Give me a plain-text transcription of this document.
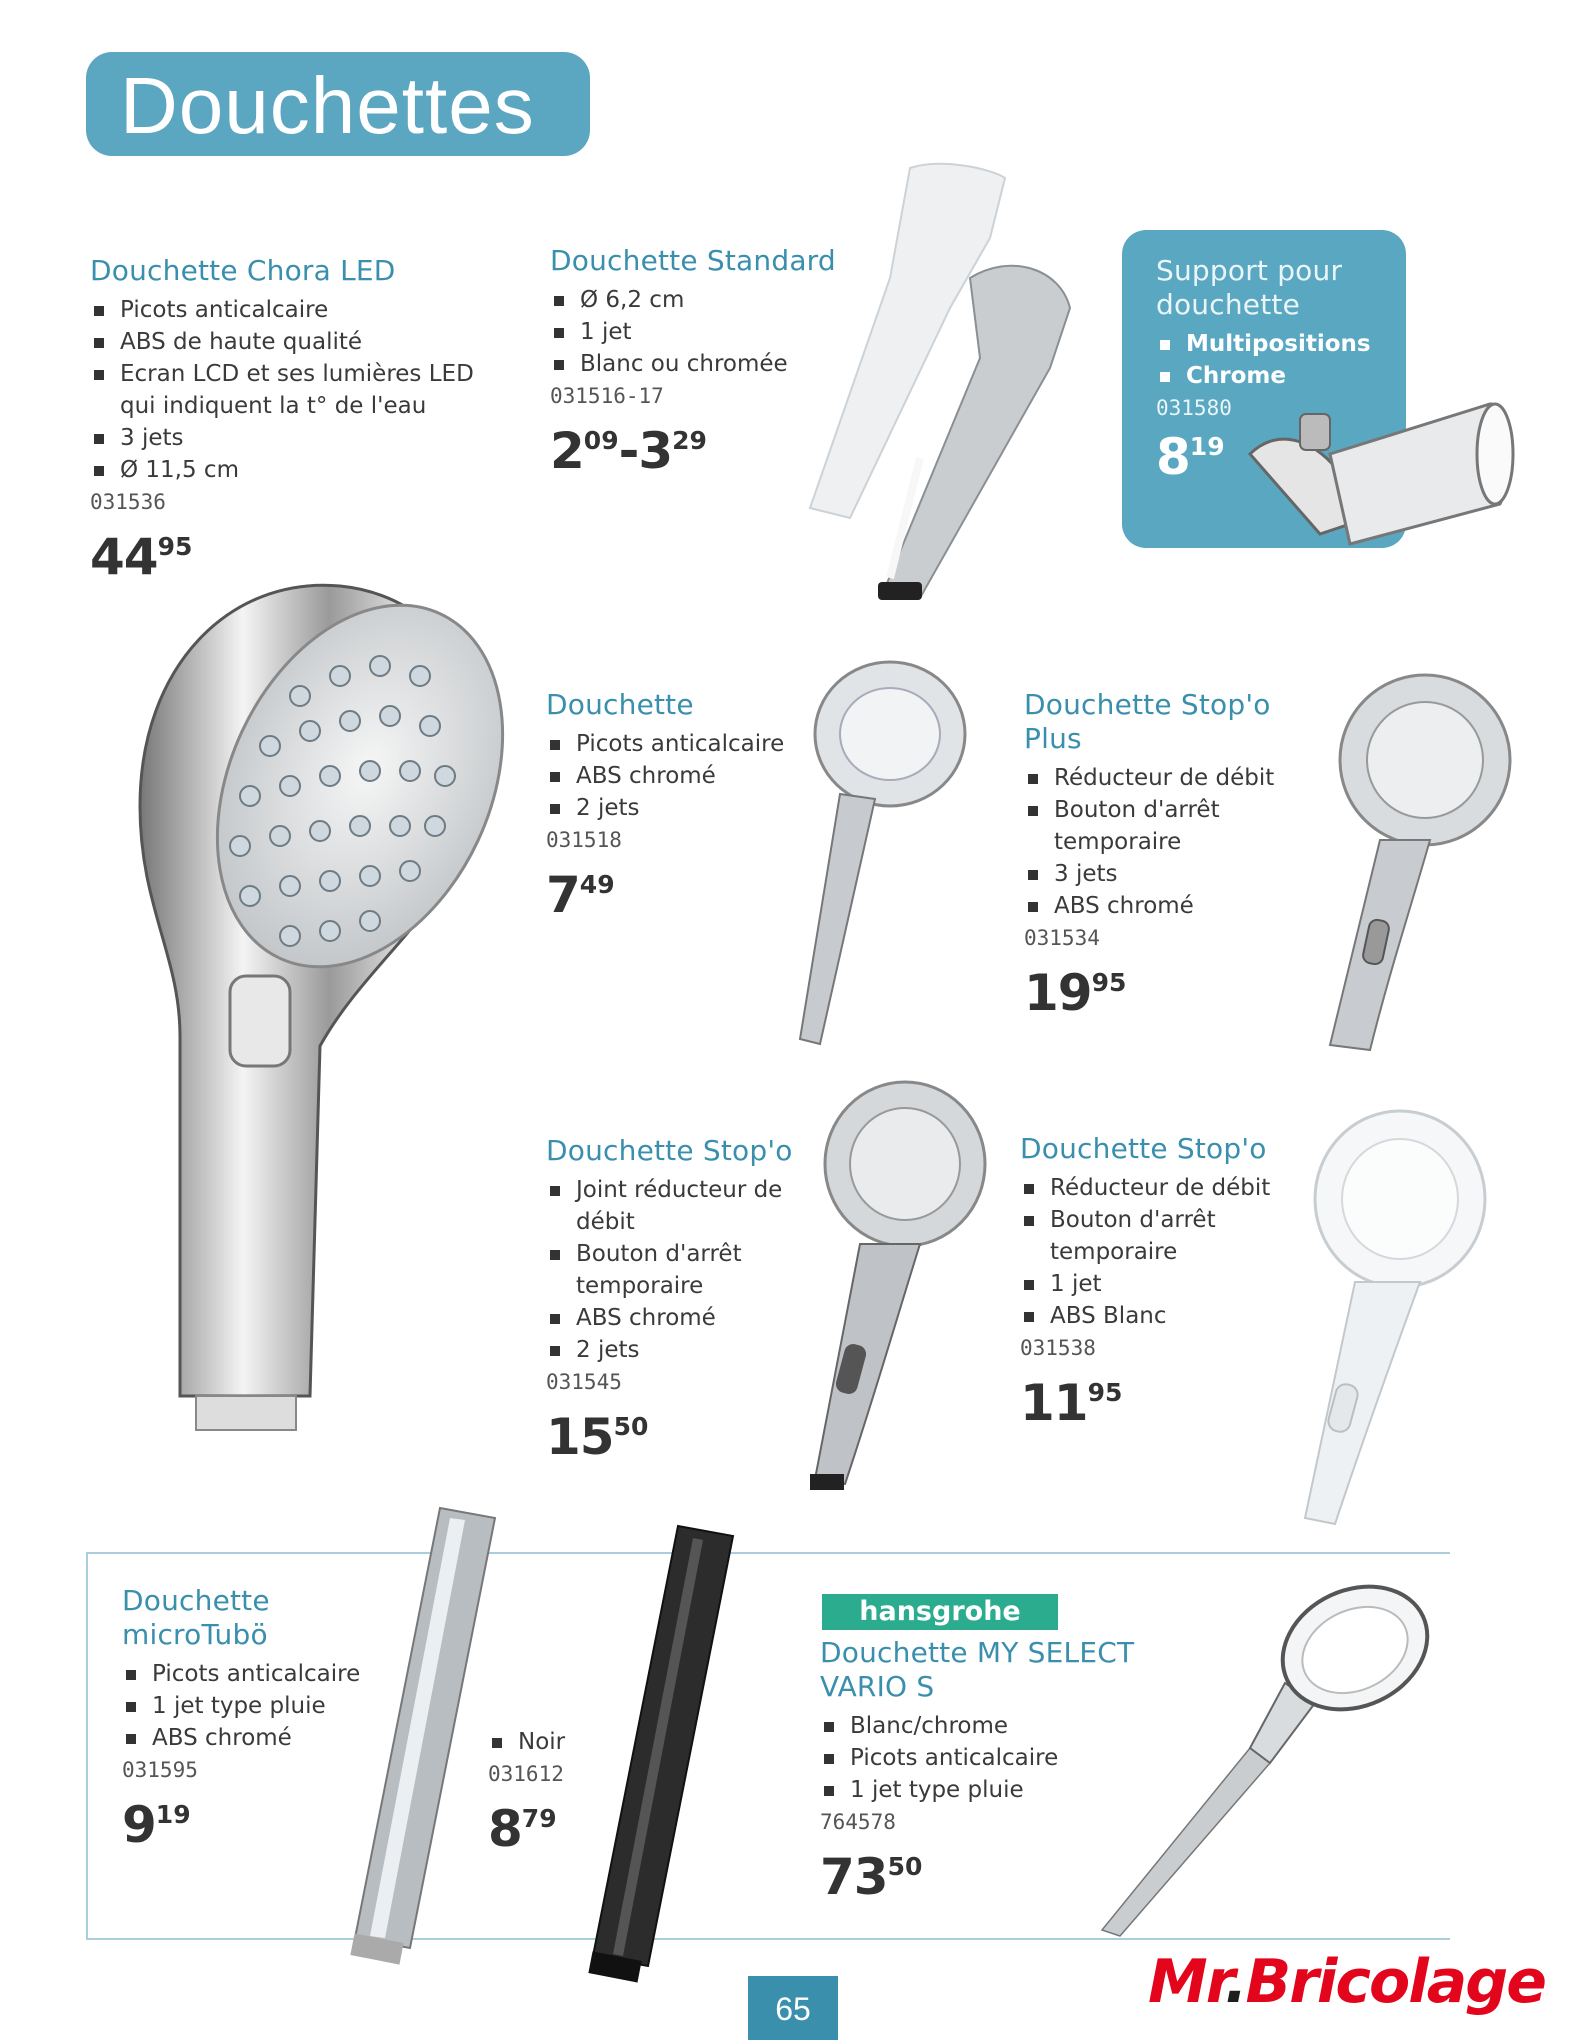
Douchettes
Douchette Chora LED
Picots anticalcaire
ABS de haute qualité
Ecran LCD et ses lumières LED qui indiquent la t° de l'eau
3 jets
Ø 11,5 cm
031536
$44^{95}$
Douchette Standard
Ø 6,2 cm
1 jet
Blanc ou chromée
031516-17
$2^{09}-3^{29}$
Support pour douchette
Multipositions
Chrome
031580
$8^{19}$
Douchette
Picots anticalcaire
ABS chromé
2 jets
031518
$7^{49}$
Douchette Stop'o Plus
Réducteur de débit
Bouton d'arrêt temporaire
3 jets
ABS chromé
031534
$19^{95}$
Douchette Stop'o
Joint réducteur de débit
Bouton d'arrêt temporaire
ABS chromé
2 jets
031545
$15^{50}$
Douchette Stop'o
Réducteur de débit
Bouton d'arrêt temporaire
1 jet
ABS Blanc
031538
$11^{95}$
Douchette
microTubö
Picots anticalcaire
1 jet type pluie
ABS chromé
031595
$9^{19}$
Noir
031612
$8^{79}$
hansgrohe
Douchette MY SELECT
VARIO S
Blanc/chrome
Picots anticalcaire
1 jet type pluie
764578
$73^{50}$
65	Mr.Bricolage
